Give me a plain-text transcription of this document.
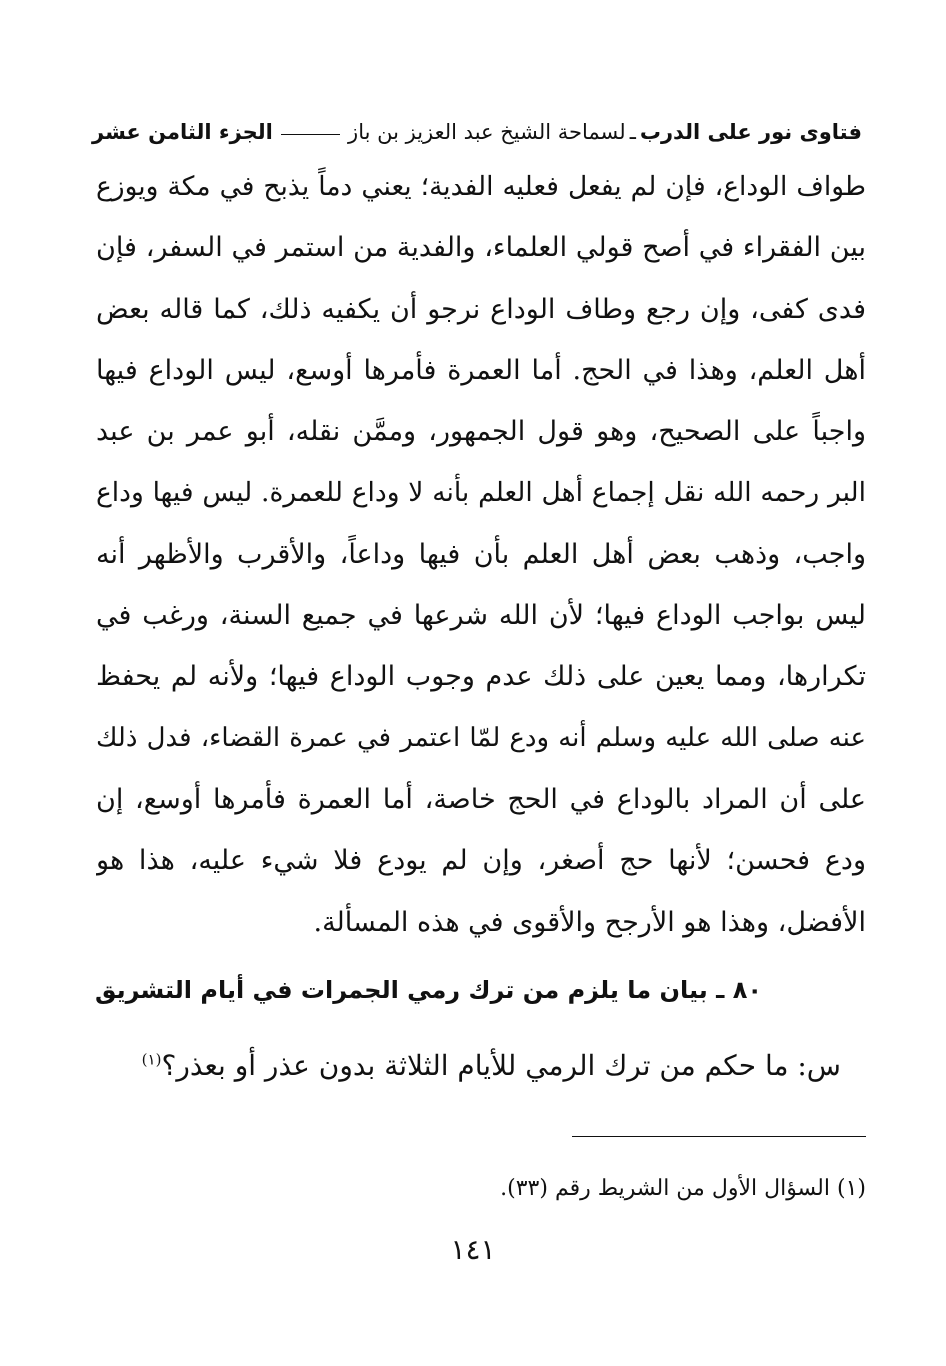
فتاوى نور على الدرب
ـ
لسماحة الشيخ عبد العزيز بن باز
الجزء الثامن عشر
طواف الوداع، فإن لم يفعل فعليه الفدية؛ يعني دماً يذبح في مكة ويوزع
بين الفقراء في أصح قولي العلماء، والفدية من استمر في السفر، فإن
فدى كفى، وإن رجع وطاف الوداع نرجو أن يكفيه ذلك، كما قاله بعض
أهل العلم، وهذا في الحج. أما العمرة فأمرها أوسع، ليس الوداع فيها
واجباً على الصحيح، وهو قول الجمهور، وممَّن نقله، أبو عمر بن عبد
البر رحمه الله نقل إجماع أهل العلم بأنه لا وداع للعمرة. ليس فيها وداع
واجب، وذهب بعض أهل العلم بأن فيها وداعاً، والأقرب والأظهر أنه
ليس بواجب الوداع فيها؛ لأن الله شرعها في جميع السنة، ورغب في
تكرارها، ومما يعين على ذلك عدم وجوب الوداع فيها؛ ولأنه لم يحفظ
عنه صلى الله عليه وسلم أنه ودع لمّا اعتمر في عمرة القضاء، فدل ذلك
على أن المراد بالوداع في الحج خاصة، أما العمرة فأمرها أوسع، إن
ودع فحسن؛ لأنها حج أصغر، وإن لم يودع فلا شيء عليه، هذا هو
الأفضل، وهذا هو الأرجح والأقوى في هذه المسألة.
٨٠ ـ بيان ما يلزم من ترك رمي الجمرات في أيام التشريق
س: ما حكم من ترك الرمي للأيام الثلاثة بدون عذر أو بعذر؟$^{(١)}$
(١) السؤال الأول من الشريط رقم (٣٣).
١٤١
